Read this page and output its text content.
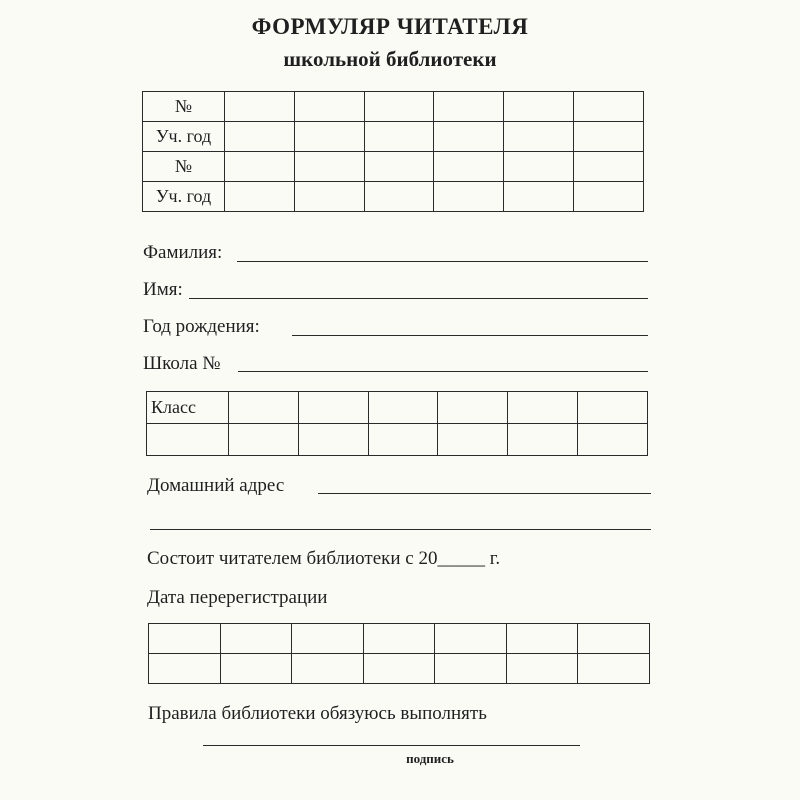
ФОРМУЛЯР ЧИТАТЕЛЯ
школьной библиотеки
№						
Уч. год						
№						
Уч. год						
Фамилия:
Имя:
Год рождения:
Школа №
Класс						

Домашний адрес
Состоит читателем библиотеки с 20_____ г.
Дата перерегистрации

Правила библиотеки обязуюсь выполнять
подпись
